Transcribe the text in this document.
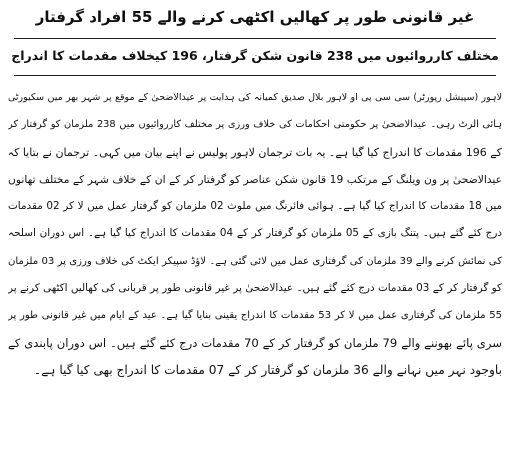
غیر قانونی طور پر کھالیں اکٹھی کرنے والے 55 افراد گرفتار
مختلف کارروائیوں میں 238 قانون شکن گرفتار، 196 کیخلاف مقدمات کا اندراج
لاہور (سپیشل رپورٹر) سی سی پی او لاہور بلال صدیق کمیانہ کی ہدایت پر عیدالاضحیٰ کے موقع پر شہر بھر میں سکیورٹی
ہائی الرٹ رہی۔ عیدالاضحیٰ پر حکومتی احکامات کی خلاف ورزی پر مختلف کارروائیوں میں 238 ملزمان کو گرفتار کر
کے 196 مقدمات کا اندراج کیا گیا ہے۔ یہ بات ترجمان لاہور پولیس نے اپنے بیان میں کہی۔ ترجمان نے بتایا کہ
عیدالاضحیٰ پر ون ویلنگ کے مرتکب 19 قانون شکن عناصر کو گرفتار کر کے ان کے خلاف شہر کے مختلف تھانوں
میں 18 مقدمات کا اندراج کیا گیا ہے۔ ہوائی فائرنگ میں ملوث 02 ملزمان کو گرفتار عمل میں لا کر 02 مقدمات
درج کئے گئے ہیں۔ پتنگ بازی کے 05 ملزمان کو گرفتار کر کے 04 مقدمات کا اندراج کیا گیا ہے۔ اس دوران اسلحہ
کی نمائش کرنے والے 39 ملزمان کی گرفتاری عمل میں لائی گئی ہے۔ لاؤڈ سپیکر ایکٹ کی خلاف ورزی پر 03 ملزمان
کو گرفتار کر کے 03 مقدمات درج کئے گئے ہیں۔ عیدالاضحیٰ پر غیر قانونی طور پر قربانی کی کھالیں اکٹھی کرنے پر
55 ملزمان کی گرفتاری عمل میں لا کر 53 مقدمات کا اندراج یقینی بنایا گیا ہے۔ عید کے ایام میں غیر قانونی طور پر
سری پائے بھوننے والے 79 ملزمان کو گرفتار کر کے 70 مقدمات درج کئے گئے ہیں۔ اس دوران پابندی کے
باوجود نہر میں نہانے والے 36 ملزمان کو گرفتار کر کے 07 مقدمات کا اندراج بھی کیا گیا ہے۔
